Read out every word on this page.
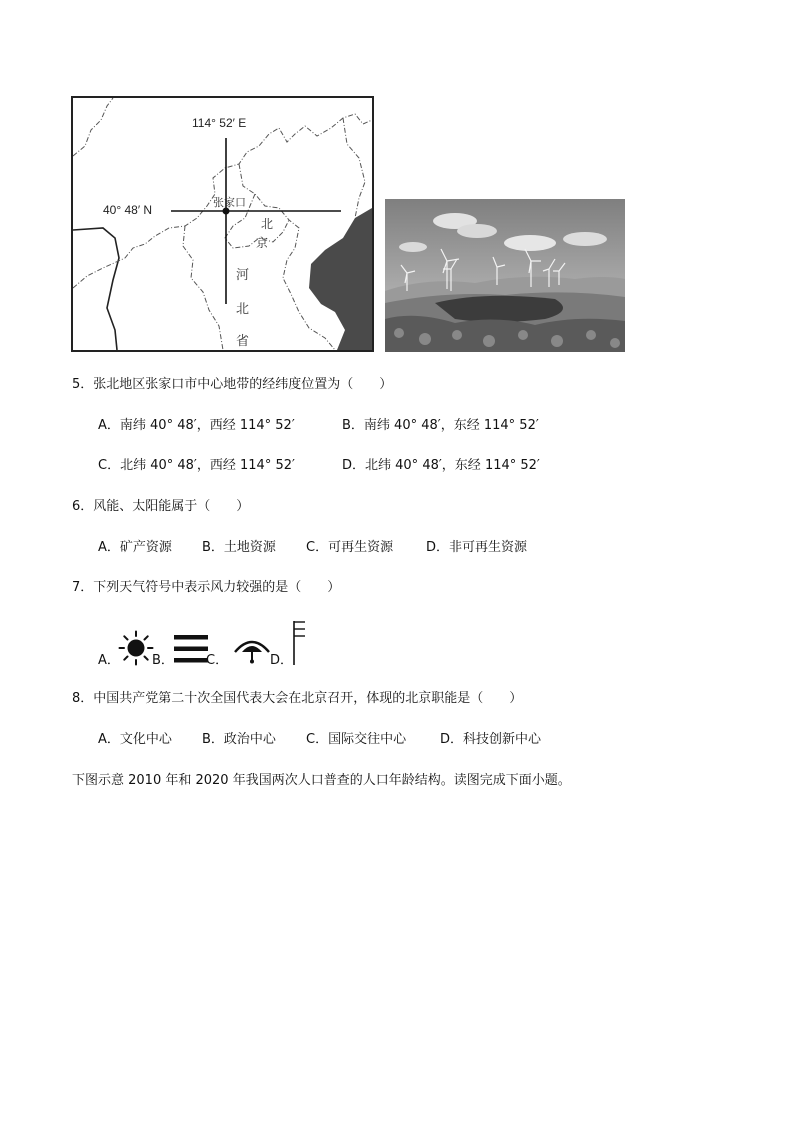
114° 52′ E
40° 48′ N
张家口
北
京
河
北
省
5．张北地区张家口市中心地带的经纬度位置为（　　）
A．南纬 40° 48′，西经 114° 52′	B．南纬 40° 48′，东经 114° 52′
C．北纬 40° 48′，西经 114° 52′	D．北纬 40° 48′，东经 114° 52′
6．风能、太阳能属于（　　）
A．矿产资源 B．土地资源 C．可再生资源	D．非可再生资源
7．下列天气符号中表示风力较强的是（　　）
A． B． C．	D．
8．中国共产党第二十次全国代表大会在北京召开，体现的北京职能是（　　）
A．文化中心 B．政治中心 C．国际交往中心	D．科技创新中心
下图示意 2010 年和 2020 年我国两次人口普查的人口年龄结构。读图完成下面小题。
